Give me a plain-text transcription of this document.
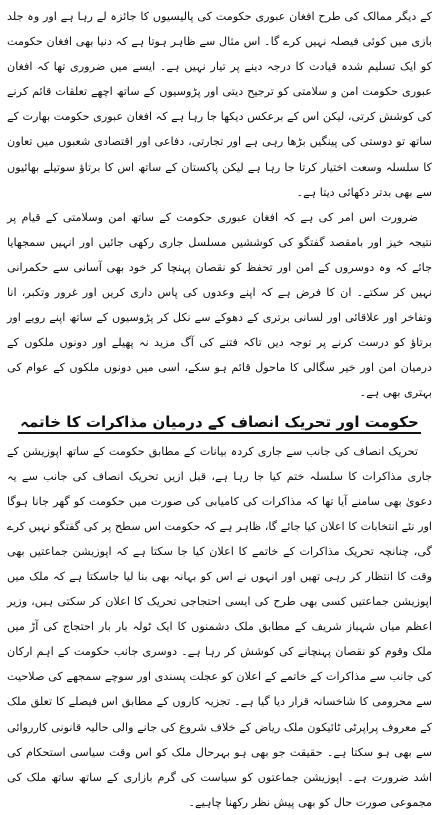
کے دیگر ممالک کی طرح افغان عبوری حکومت کی پالیسیوں کا جائزہ لے رہا ہے اور وہ جلد بازی میں کوئی فیصلہ نہیں کرے گا۔ اس مثال سے ظاہر ہوتا ہے کہ دنیا بھی افغان حکومت کو ایک تسلیم شدہ قیادت کا درجہ دینے پر تیار نہیں ہے۔ ایسے میں ضروری تھا کہ افغان عبوری حکومت امن و سلامتی کو ترجیح دیتی اور پڑوسیوں کے ساتھ اچھے تعلقات قائم کرنے کی کوشش کرتی، لیکن اس کے برعکس دیکھا جا رہا ہے کہ افغان عبوری حکومت بھارت کے ساتھ تو دوستی کی پینگیں بڑھا رہی ہے اور تجارتی، دفاعی اور اقتصادی شعبوں میں تعاون کا سلسلہ وسعت اختیار کرتا جا رہا ہے لیکن پاکستان کے ساتھ اس کا برتاؤ سوتیلے بھائیوں سے بھی بدتر دکھائی دیتا ہے۔

ضرورت اس امر کی ہے کہ افغان عبوری حکومت کے ساتھ امن وسلامتی کے قیام پر نتیجہ خیز اور بامقصد گفتگو کی کوششیں مسلسل جاری رکھی جائیں اور انہیں سمجھایا جائے کہ وہ دوسروں کے امن اور تحفظ کو نقصان پہنچا کر خود بھی آسانی سے حکمرانی نہیں کر سکتے۔ ان کا فرض ہے کہ اپنے وعدوں کی پاس داری کریں اور غرور وتکبر، انا وتفاخر اور علاقائی اور لسانی برتری کے دھوکے سے نکل کر پڑوسیوں کے ساتھ اپنے رویے اور برتاؤ کو درست کرنے پر توجہ دیں تاکہ فتنے کی آگ مزید نہ پھیلے اور دونوں ملکوں کے درمیان امن اور خیر سگالی کا ماحول قائم ہو سکے، اسی میں دونوں ملکوں کے عوام کی بہتری بھی ہے۔

حکومت اور تحریک انصاف کے درمیان مذاکرات کا خاتمہ

تحریک انصاف کی جانب سے جاری کردہ بیانات کے مطابق حکومت کے ساتھ اپوزیشن کے جاری مذاکرات کا سلسلہ ختم کیا جا رہا ہے، قبل ازیں تحریک انصاف کی جانب سے یہ دعویٰ بھی سامنے آیا تھا کہ مذاکرات کی کامیابی کی صورت میں حکومت کو گھر جانا ہوگا اور نئے انتخابات کا اعلان کیا جائے گا، ظاہر ہے کہ حکومت اس سطح پر کی گفتگو نہیں کرے گی، چنانچہ تحریک مذاکرات کے خاتمے کا اعلان کیا جا سکتا ہے کہ اپوزیشن جماعتیں بھی وقت کا انتظار کر رہی تھیں اور انہوں نے اس کو بہانہ بھی بنا لیا جاسکتا ہے کہ ملک میں اپوزیشن جماعتیں کسی بھی طرح کی ایسی احتجاجی تحریک کا اعلان کر سکتی ہیں، وزیر اعظم میاں شہباز شریف کے مطابق ملک دشمنوں کا ایک ٹولہ بار بار احتجاج کی آڑ میں ملک وقوم کو نقصان پہنچانے کی کوشش کر رہا ہے۔ دوسری جانب حکومت کے اہم ارکان کی جانب سے مذاکرات کے خاتمے کے اعلان کو عجلت پسندی اور سوچے سمجھے کی صلاحیت سے محرومی کا شاخسانہ قرار دیا گیا ہے۔ تجزیہ کاروں کے مطابق اس فیصلے کا تعلق ملک کے معروف پراپرٹی ٹائیکون ملک ریاض کے خلاف شروع کی جانے والی حالیہ قانونی کارروائی سے بھی ہو سکتا ہے۔ حقیقت جو بھی ہو بہرحال ملک کو اس وقت سیاسی استحکام کی اشد ضرورت ہے۔ اپوزیشن جماعتوں کو سیاست کی گرم بازاری کے ساتھ ساتھ ملک کی مجموعی صورت حال کو بھی پیش نظر رکھنا چاہیے۔
